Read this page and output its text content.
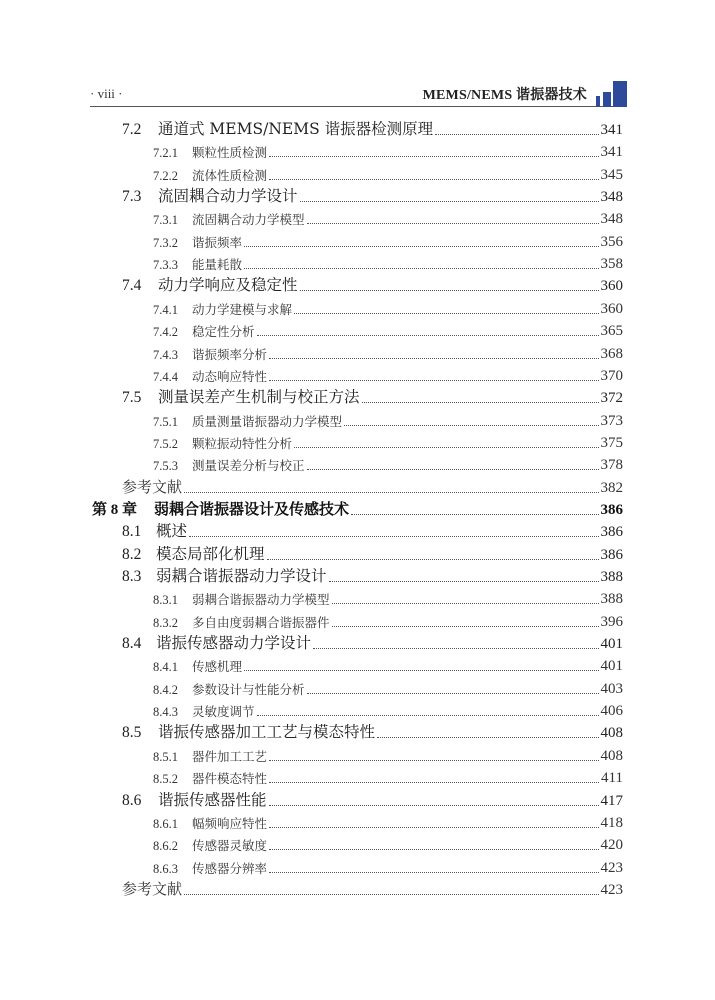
· viii ·	MEMS/NEMS 谐振器技术
7.2	通道式 MEMS/NEMS 谐振器检测原理	341
7.2.1	颗粒性质检测	341
7.2.2	流体性质检测	345
7.3	流固耦合动力学设计	348
7.3.1	流固耦合动力学模型	348
7.3.2	谐振频率	356
7.3.3	能量耗散	358
7.4	动力学响应及稳定性	360
7.4.1	动力学建模与求解	360
7.4.2	稳定性分析	365
7.4.3	谐振频率分析	368
7.4.4	动态响应特性	370
7.5	测量误差产生机制与校正方法	372
7.5.1	质量测量谐振器动力学模型	373
7.5.2	颗粒振动特性分析	375
7.5.3	测量误差分析与校正	378
参考文献	382
第 8 章	弱耦合谐振器设计及传感技术	386
8.1 概述	386
8.2 模态局部化机理	386
8.3 弱耦合谐振器动力学设计	388
8.3.1	弱耦合谐振器动力学模型	388
8.3.2	多自由度弱耦合谐振器件	396
8.4 谐振传感器动力学设计	401
8.4.1	传感机理	401
8.4.2	参数设计与性能分析	403
8.4.3	灵敏度调节	406
8.5	谐振传感器加工工艺与模态特性	408
8.5.1	器件加工工艺	408
8.5.2	器件模态特性	411
8.6	谐振传感器性能	417
8.6.1	幅频响应特性	418
8.6.2	传感器灵敏度	420
8.6.3	传感器分辨率	423
参考文献	423
